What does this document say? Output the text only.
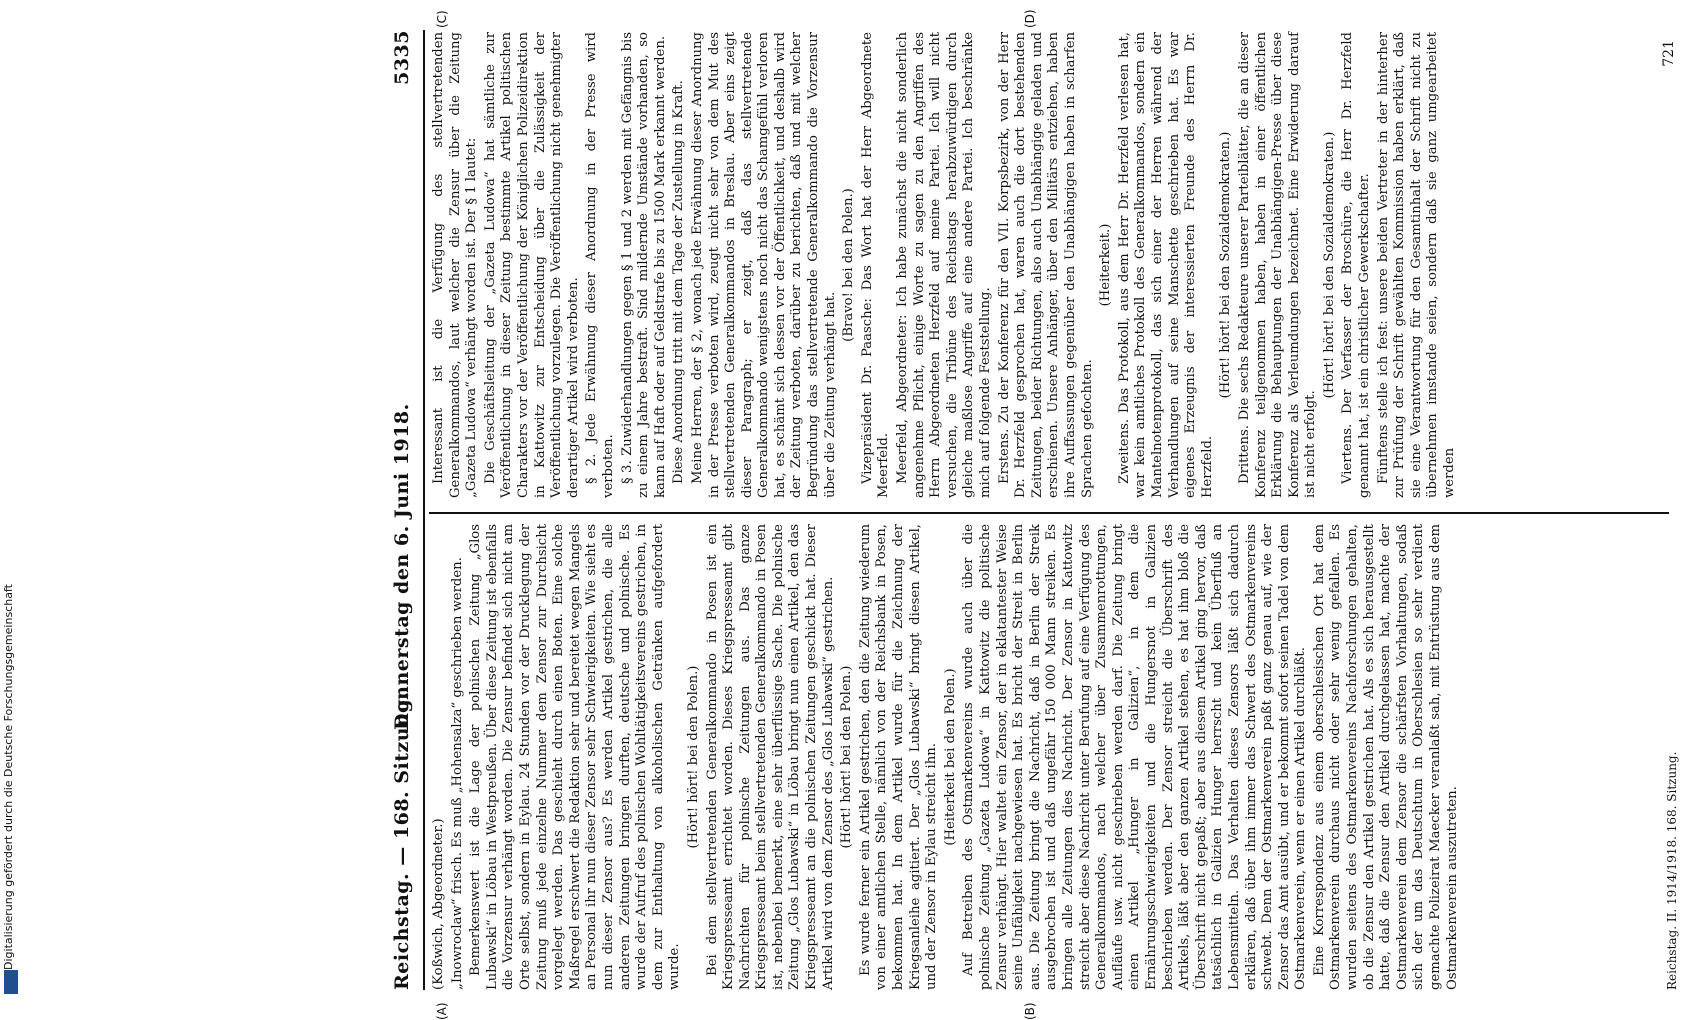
Digitalisierung gefördert durch die Deutsche Forschungsgemeinschaft	Reichstag. — 168. Sitzung.
Donnerstag den 6. Juni 1918.
5335

(Koßwich, Abgeordneter.) „Inowroclaw“ frisch. Es muß „Hohensalza“ geschrieben werden. Bemerkenswert ist die Lage der polnischen Zeitung „Glos Lubawski“ in Löbau in Westpreußen. Über diese Zeitung ist ebenfalls die Vorzensur verhängt worden. Die Zensur befindet sich nicht am Orte selbst, sondern in Eylau. 24 Stunden vor der Drucklegung der Zeitung muß jede einzelne Nummer dem Zensor zur Durchsicht vorgelegt werden. Das geschieht durch einen Boten. Eine solche Maßregel erschwert die Redaktion sehr und bereitet wegen Mangels an Personal ihr nun dieser Zensor sehr Schwierigkeiten. Wie sieht es nun dieser Zensor aus? Es werden Artikel gestrichen, die alle anderen Zeitungen bringen durften, deutsche und polnische. Es wurde der Aufruf des polnischen Wohltätigkeitsvereins gestrichen, in dem zur Enthaltung von alkoholischen Getränken aufgefordert wurde.

(Hört! hört! bei den Polen.) Bei dem stellvertretenden Generalkommando in Posen ist ein Kriegspresseamt errichtet worden. Dieses Kriegspresseamt gibt Nachrichten für polnische Zeitungen aus. Das ganze Kriegspresseamt beim stellvertretenden Generalkommando in Posen ist, nebenbei bemerkt, eine sehr überflüssige Sache. Die polnische Zeitung „Glos Lubawski“ in Löbau bringt nun einen Artikel, den das Kriegspresseamt an die polnischen Zeitungen geschickt hat. Dieser Artikel wird von dem Zensor des „Glos Lubawski“ gestrichen. (Hört! hört! bei den Polen.) Es wurde ferner ein Artikel gestrichen, den die Zeitung wiederum von einer amtlichen Stelle, nämlich von der Reichsbank in Posen, bekommen hat. In dem Artikel wurde für die Zeichnung der Kriegsanleihe agitiert. Der „Glos Lubawski“ bringt diesen Artikel, und der Zensor in Eylau streicht ihn. (Heiterkeit bei den Polen.) Auf Betreiben des Ostmarkenvereins wurde auch über die polnische Zeitung „Gazeta Ludowa“ in Kattowitz die politische Zensur verhängt. Hier waltet ein Zensor, der in eklatantester Weise seine Unfähigkeit nachgewiesen hat. Es bricht der Streit in Berlin aus. Die Zeitung bringt die Nachricht, daß in Berlin der Streik ausgebrochen ist und daß ungefähr 150 000 Mann streiken. Es bringen alle Zeitungen dies Nachricht. Der Zensor in Kattowitz streicht aber diese Nachricht unter Berufung auf eine Verfügung des Generalkommandos, nach welcher über Zusammenrottungen, Aufläufe usw. nicht geschrieben werden darf. Die Zeitung bringt einen Artikel „Hunger in Galizien“, in dem die Ernährungsschwierigkeiten und die Hungersnot in Galizien beschrieben werden. Der Zensor streicht die Überschrift des Artikels, läßt aber den ganzen Artikel stehen, es hat ihm bloß die Überschrift nicht gepaßt; aber aus diesem Artikel ging hervor, daß tatsächlich in Galizien Hunger herrscht und kein Überfluß an Lebensmitteln. Das Verhalten dieses Zensors läßt sich dadurch erklären, daß über ihm immer das Schwert des Ostmarkenvereins schwebt. Denn der Ostmarkenverein paßt ganz genau auf, wie der Zensor das Amt ausübt, und er bekommt sofort seinen Tadel von dem Ostmarkenverein, wenn er einen Artikel durchläßt. Eine Korrespondenz aus einem oberschlesischen Ort hat dem Ostmarkenverein durchaus nicht oder sehr wenig gefallen. Es wurden seitens des Ostmarkenvereins Nachforschungen gehalten, ob die Zensur den Artikel gestrichen hat. Als es sich herausgestellt hatte, daß die Zensur den Artikel durchgelassen hat, machte der Ostmarkenverein dem Zensor die schärfsten Vorhaltungen, sodaß sich der um das Deutschtum in Oberschlesien so sehr verdient gemachte Polizeirat Maecker veranlaßt sah, mit Entrüstung aus dem Ostmarkenverein auszutreten.

Interessant ist die Verfügung des stellvertretenden Generalkommandos, laut welcher die Zensur über die Zeitung „Gazeta Ludowa“ verhängt worden ist. Der § 1 lautet: Die Geschäftsleitung der „Gazeta Ludowa“ hat sämtliche zur Veröffentlichung in dieser Zeitung bestimmte Artikel politischen Charakters vor der Veröffentlichung der Königlichen Polizeidirektion in Kattowitz zur Entscheidung über die Zulässigkeit der Veröffentlichung vorzulegen. Die Veröffentlichung nicht genehmigter derartiger Artikel wird verboten. § 2. Jede Erwähnung dieser Anordnung in der Presse wird verboten. § 3. Zuwiderhandlungen gegen § 1 und 2 werden mit Gefängnis bis zu einem Jahre bestraft. Sind mildernde Umstände vorhanden, so kann auf Haft oder auf Geldstrafe bis zu 1500 Mark erkannt werden. Diese Anordnung tritt mit dem Tage der Zustellung in Kraft. Meine Herren, der § 2, wonach jede Erwähnung dieser Anordnung in der Presse verboten wird, zeugt nicht sehr von dem Mut des stellvertretenden Generalkommandos in Breslau. Aber eins zeigt dieser Paragraph; er zeigt, daß das stellvertretende Generalkommando wenigstens noch nicht das Schamgefühl verloren hat, es schämt sich dessen vor der Öffentlichkeit, und deshalb wird der Zeitung verboten, darüber zu berichten, daß und mit welcher Begründung das stellvertretende Generalkommando die Vorzensur über die Zeitung verhängt hat.

(Bravo! bei den Polen.) Vizepräsident Dr. Paasche: Das Wort hat der Herr Abgeordnete Meerfeld. Meerfeld, Abgeordneter: Ich habe zunächst die nicht sonderlich angenehme Pflicht, einige Worte zu sagen zu den Angriffen des Herrn Abgeordneten Herzfeld auf meine Partei. Ich will nicht versuchen, die Tribüne des Reichstags herabzuwürdigen durch gleiche maßlose Angriffe auf eine andere Partei. Ich beschränke mich auf folgende Feststellung. Erstens. Zu der Konferenz für den VII. Korpsbezirk, von der Herr Dr. Herzfeld gesprochen hat, waren auch die dort bestehenden Zeitungen, beider Richtungen, also auch Unabhängige geladen und erschienen. Unsere Anhänger, über den Militärs entziehen, haben ihre Auffassungen gegenüber den Unabhängigen haben in scharfen Sprachen gefochten.

(Heiterkeit.) Zweitens. Das Protokoll, aus dem Herr Dr. Herzfeld verlesen hat, war kein amtliches Protokoll des Generalkommandos, sondern ein Mantelnotenprotokoll, das sich einer der Herren während der Verhandlungen auf seine Manschette geschrieben hat. Es war eigenes Erzeugnis der interessierten Freunde des Herrn Dr. Herzfeld.

(Hört! hört! bei den Sozialdemokraten.) Drittens. Die sechs Redakteure unserer Parteiblätter, die an dieser Konferenz teilgenommen haben, haben in einer öffentlichen Erklärung die Behauptungen der Unabhängigen-Presse über diese Konferenz als Verleumdungen bezeichnet. Eine Erwiderung darauf ist nicht erfolgt.

(Hört! hört! bei den Sozialdemokraten.) Viertens. Der Verfasser der Broschüre, die Herr Dr. Herzfeld genannt hat, ist ein christlicher Gewerkschafter. Fünftens stelle ich fest: unsere beiden Vertreter in der hinterher zur Prüfung der Schrift gewählten Kommission haben erklärt, daß sie eine Verantwortung für den Gesamtinhalt der Schrift nicht zu übernehmen imstande seien, sondern daß sie ganz umgearbeitet werden

(A)	(B)
(C)	(D)
Reichstag. II. 1914/1918. 168. Sitzung.
721
